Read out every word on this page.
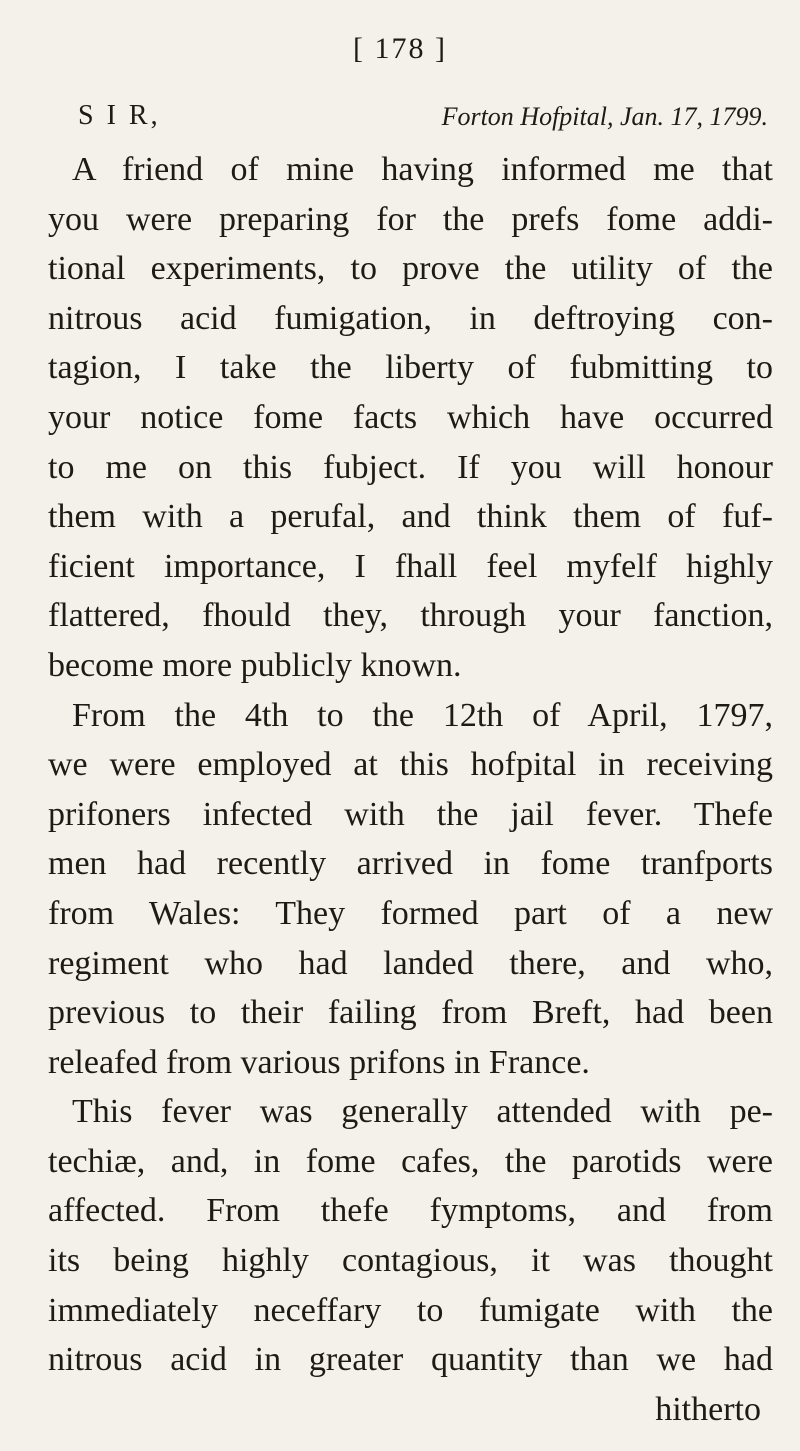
[ 178 ]
S I R,	Forton Hofpital, Jan. 17, 1799.
A friend of mine having informed me that
you were preparing for the prefs fome addi-
tional experiments, to prove the utility of the
nitrous acid fumigation, in deftroying con-
tagion, I take the liberty of fubmitting to
your notice fome facts which have occurred
to me on this fubject. If you will honour
them with a perufal, and think them of fuf-
ficient importance, I fhall feel myfelf highly
flattered, fhould they, through your fanction,
become more publicly known.
From the 4th to the 12th of April, 1797,
we were employed at this hofpital in receiving
prifoners infected with the jail fever. Thefe
men had recently arrived in fome tranfports
from Wales: They formed part of a new
regiment who had landed there, and who,
previous to their failing from Breft, had been
releafed from various prifons in France.
This fever was generally attended with pe-
techiæ, and, in fome cafes, the parotids were
affected. From thefe fymptoms, and from
its being highly contagious, it was thought
immediately neceffary to fumigate with the
nitrous acid in greater quantity than we had
hitherto
